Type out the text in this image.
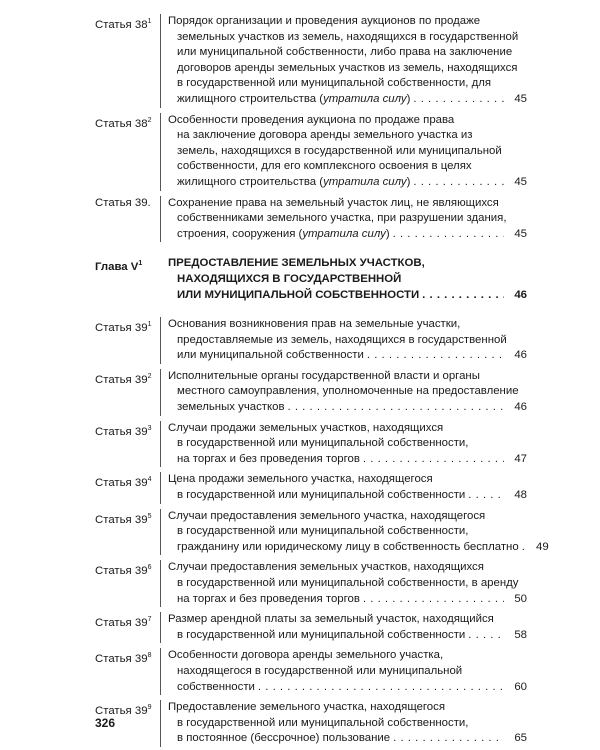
Статья $38^1$	Порядок организации и проведения аукционов по продаже
земельных участков из земель, находящихся в государственной
или муниципальной собственности, либо права на заключение
договоров аренды земельных участков из земель, находящихся
в государственной или муниципальной собственности, для
жилищного строительства (утратила силу) . . .	45
Статья $38^2$	Особенности проведения аукциона по продаже права
на заключение договора аренды земельного участка из
земель, находящихся в государственной или муниципальной
собственности, для его комплексного освоения в целях
жилищного строительства (утратила силу) . . .	45
Статья 39.	Сохранение права на земельный участок лиц, не являющихся
собственниками земельного участка, при разрушении здания,
строения, сооружения (утратила силу) . . .	45
Глава $V^1$	ПРЕДОСТАВЛЕНИЕ ЗЕМЕЛЬНЫХ УЧАСТКОВ,
НАХОДЯЩИХСЯ В ГОСУДАРСТВЕННОЙ
ИЛИ МУНИЦИПАЛЬНОЙ СОБСТВЕННОСТИ . . .	46
Статья $39^1$	Основания возникновения прав на земельные участки,
предоставляемые из земель, находящихся в государственной
или муниципальной собственности . . .	46
Статья $39^2$	Исполнительные органы государственной власти и органы
местного самоуправления, уполномоченные на предоставление
земельных участков . . .	46
Статья $39^3$	Случаи продажи земельных участков, находящихся
в государственной или муниципальной собственности,
на торгах и без проведения торгов . . .	47
Статья $39^4$	Цена продажи земельного участка, находящегося
в государственной или муниципальной собственности . . .	48
Статья $39^5$	Случаи предоставления земельного участка, находящегося
в государственной или муниципальной собственности,
гражданину или юридическому лицу в собственность бесплатно . . .	49
Статья $39^6$	Случаи предоставления земельных участков, находящихся
в государственной или муниципальной собственности, в аренду
на торгах и без проведения торгов . . .	50
Статья $39^7$	Размер арендной платы за земельный участок, находящийся
в государственной или муниципальной собственности . . .	58
Статья $39^8$	Особенности договора аренды земельного участка,
находящегося в государственной или муниципальной
собственности . . .	60
Статья $39^9$	Предоставление земельного участка, находящегося
в государственной или муниципальной собственности,
в постоянное (бессрочное) пользование . . .	65
326
